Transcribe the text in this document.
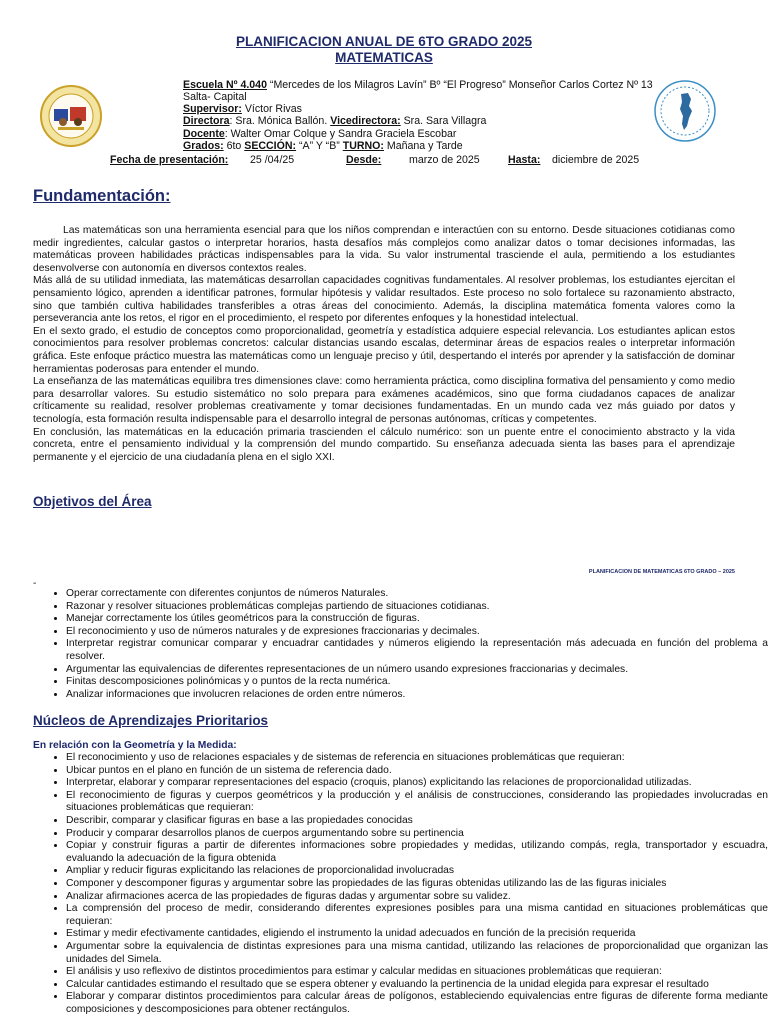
PLANIFICACION ANUAL DE 6TO GRADO 2025
MATEMATICAS
Escuela Nº 4.040 “Mercedes de los Milagros Lavín” Bº “El Progreso” Monseñor Carlos Cortez Nº 13 Salta- Capital
Supervisor: Víctor Rivas
Directora: Sra. Mónica Ballón. Vicedirectora: Sra. Sara Villagra
Docente: Walter Omar Colque y Sandra Graciela Escobar
Grados: 6to SECCIÓN: “A” Y “B” TURNO: Mañana y Tarde
Fecha de presentación: 25 /04/25	Desde:	marzo de 2025	Hasta: diciembre de 2025
Fundamentación:

Las matemáticas son una herramienta esencial para que los niños comprendan e interactúen con su entorno. Desde situaciones cotidianas como medir ingredientes, calcular gastos o interpretar horarios, hasta desafíos más complejos como analizar datos o tomar decisiones informadas, las matemáticas proveen habilidades prácticas indispensables para la vida. Su valor instrumental trasciende el aula, permitiendo a los estudiantes desenvolverse con autonomía en diversos contextos reales.

Más allá de su utilidad inmediata, las matemáticas desarrollan capacidades cognitivas fundamentales. Al resolver problemas, los estudiantes ejercitan el pensamiento lógico, aprenden a identificar patrones, formular hipótesis y validar resultados. Este proceso no solo fortalece su razonamiento abstracto, sino que también cultiva habilidades transferibles a otras áreas del conocimiento. Además, la disciplina matemática fomenta valores como la perseverancia ante los retos, el rigor en el procedimiento, el respeto por diferentes enfoques y la honestidad intelectual.

En el sexto grado, el estudio de conceptos como proporcionalidad, geometría y estadística adquiere especial relevancia. Los estudiantes aplican estos conocimientos para resolver problemas concretos: calcular distancias usando escalas, determinar áreas de espacios reales o interpretar información gráfica. Este enfoque práctico muestra las matemáticas como un lenguaje preciso y útil, despertando el interés por aprender y la satisfacción de dominar herramientas poderosas para entender el mundo.

La enseñanza de las matemáticas equilibra tres dimensiones clave: como herramienta práctica, como disciplina formativa del pensamiento y como medio para desarrollar valores. Su estudio sistemático no solo prepara para exámenes académicos, sino que forma ciudadanos capaces de analizar críticamente su realidad, resolver problemas creativamente y tomar decisiones fundamentadas. En un mundo cada vez más guiado por datos y tecnología, esta formación resulta indispensable para el desarrollo integral de personas autónomas, críticas y competentes.

En conclusión, las matemáticas en la educación primaria trascienden el cálculo numérico: son un puente entre el conocimiento abstracto y la vida concreta, entre el pensamiento individual y la comprensión del mundo compartido. Su enseñanza adecuada sienta las bases para el aprendizaje permanente y el ejercicio de una ciudadanía plena en el siglo XXI.

Objetivos del Área
PLANIFICACION DE MATEMATICAS 6TO GRADO – 2025
-
• Operar correctamente con diferentes conjuntos de números Naturales.
• Razonar y resolver situaciones problemáticas complejas partiendo de situaciones cotidianas.
• Manejar correctamente los útiles geométricos para la construcción de figuras.
• El reconocimiento y uso de números naturales y de expresiones fraccionarias y decimales.
• Interpretar registrar comunicar comparar y encuadrar cantidades y números eligiendo la representación más adecuada en función del problema a resolver.
• Argumentar las equivalencias de diferentes representaciones de un número usando expresiones fraccionarias y decimales.
• Finitas descomposiciones polinómicas y o puntos de la recta numérica.
• Analizar informaciones que involucren relaciones de orden entre números.
Núcleos de Aprendizajes Prioritarios
En relación con la Geometría y la Medida:
• El reconocimiento y uso de relaciones espaciales y de sistemas de referencia en situaciones problemáticas que requieran:
• Ubicar puntos en el plano en función de un sistema de referencia dado.
• Interpretar, elaborar y comparar representaciones del espacio (croquis, planos) explicitando las relaciones de proporcionalidad utilizadas.
• El reconocimiento de figuras y cuerpos geométricos y la producción y el análisis de construcciones, considerando las propiedades involucradas en situaciones problemáticas que requieran:
• Describir, comparar y clasificar figuras en base a las propiedades conocidas
• Producir y comparar desarrollos planos de cuerpos argumentando sobre su pertinencia
• Copiar y construir figuras a partir de diferentes informaciones sobre propiedades y medidas, utilizando compás, regla, transportador y escuadra, evaluando la adecuación de la figura obtenida
• Ampliar y reducir figuras explicitando las relaciones de proporcionalidad involucradas
• Componer y descomponer figuras y argumentar sobre las propiedades de las figuras obtenidas utilizando las de las figuras iniciales
• Analizar afirmaciones acerca de las propiedades de figuras dadas y argumentar sobre su validez.
• La comprensión del proceso de medir, considerando diferentes expresiones posibles para una misma cantidad en situaciones problemáticas que requieran:
• Estimar y medir efectivamente cantidades, eligiendo el instrumento la unidad adecuados en función de la precisión requerida
• Argumentar sobre la equivalencia de distintas expresiones para una misma cantidad, utilizando las relaciones de proporcionalidad que organizan las unidades del Simela.
• El análisis y uso reflexivo de distintos procedimientos para estimar y calcular medidas en situaciones problemáticas que requieran:
• Calcular cantidades estimando el resultado que se espera obtener y evaluando la pertinencia de la unidad elegida para expresar el resultado
• Elaborar y comparar distintos procedimientos para calcular áreas de polígonos, estableciendo equivalencias entre figuras de diferente forma mediante composiciones y descomposiciones para obtener rectángulos.
